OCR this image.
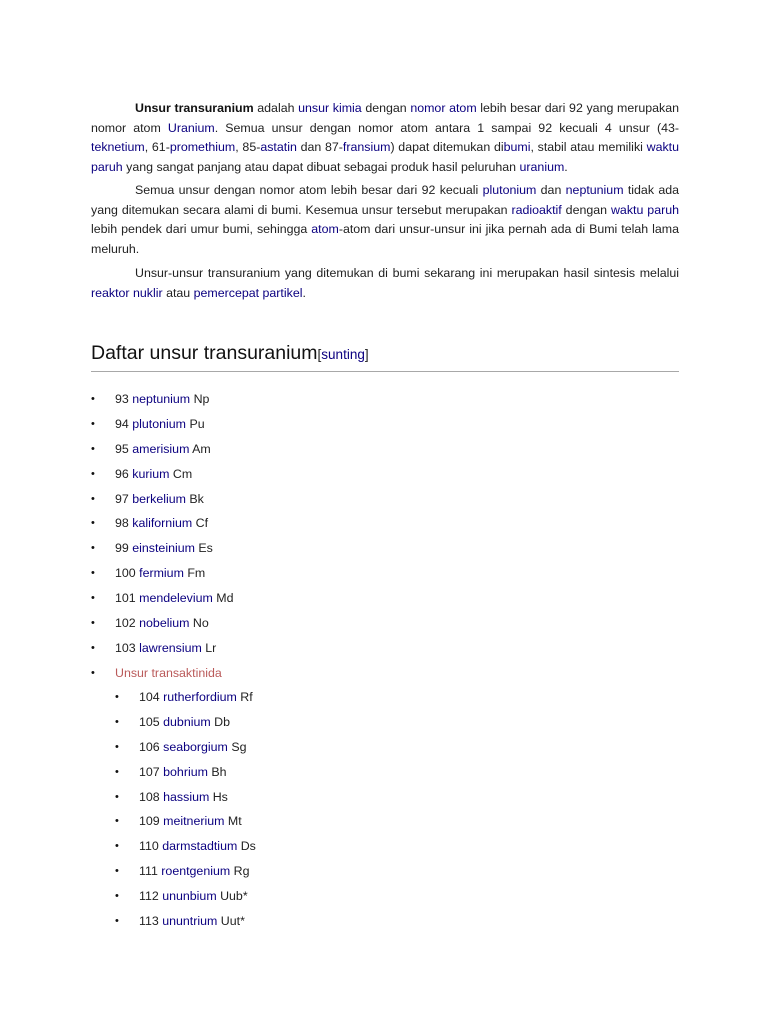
Unsur transuranium adalah unsur kimia dengan nomor atom lebih besar dari 92 yang merupakan nomor atom Uranium. Semua unsur dengan nomor atom antara 1 sampai 92 kecuali 4 unsur (43-teknetium, 61-promethium, 85-astatin dan 87-fransium) dapat ditemukan dibumi, stabil atau memiliki waktu paruh yang sangat panjang atau dapat dibuat sebagai produk hasil peluruhan uranium.

Semua unsur dengan nomor atom lebih besar dari 92 kecuali plutonium dan neptunium tidak ada yang ditemukan secara alami di bumi. Kesemua unsur tersebut merupakan radioaktif dengan waktu paruh lebih pendek dari umur bumi, sehingga atom-atom dari unsur-unsur ini jika pernah ada di Bumi telah lama meluruh.

Unsur-unsur transuranium yang ditemukan di bumi sekarang ini merupakan hasil sintesis melalui reaktor nuklir atau pemercepat partikel.

Daftar unsur transuranium[sunting]
• 93 neptunium Np
• 94 plutonium Pu
• 95 amerisium Am
• 96 kurium Cm
• 97 berkelium Bk
• 98 kalifornium Cf
• 99 einsteinium Es
• 100 fermium Fm
• 101 mendelevium Md
• 102 nobelium No
• 103 lawrensium Lr
• Unsur transaktinida
• 104 rutherfordium Rf
• 105 dubnium Db
• 106 seaborgium Sg
• 107 bohrium Bh
• 108 hassium Hs
• 109 meitnerium Mt
• 110 darmstadtium Ds
• 111 roentgenium Rg
• 112 ununbium Uub*
• 113 ununtrium Uut*
